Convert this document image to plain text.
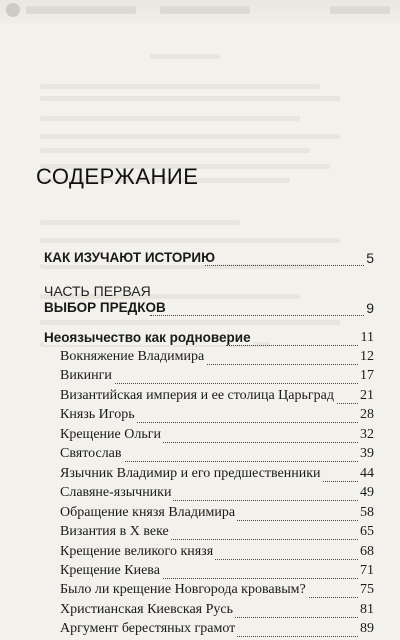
СОДЕРЖАНИЕ
КАК ИЗУЧАЮТ ИСТОРИЮ	5
ЧАСТЬ ПЕРВАЯ
ВЫБОР ПРЕДКОВ	9
Неоязычество как родноверие	11
Вокняжение Владимира	12
Викинги	17
Византийская империя и ее столица Царьград 21
Князь Игорь	28
Крещение Ольги	32
Святослав	39
Язычник Владимир и его предшественники	44
Славяне-язычники	49
Обращение князя Владимира	58
Византия в X веке	65
Крещение великого князя	68
Крещение Киева	71
Было ли крещение Новгорода кровавым?	75
Христианская Киевская Русь	81
Аргумент берестяных грамот	89
